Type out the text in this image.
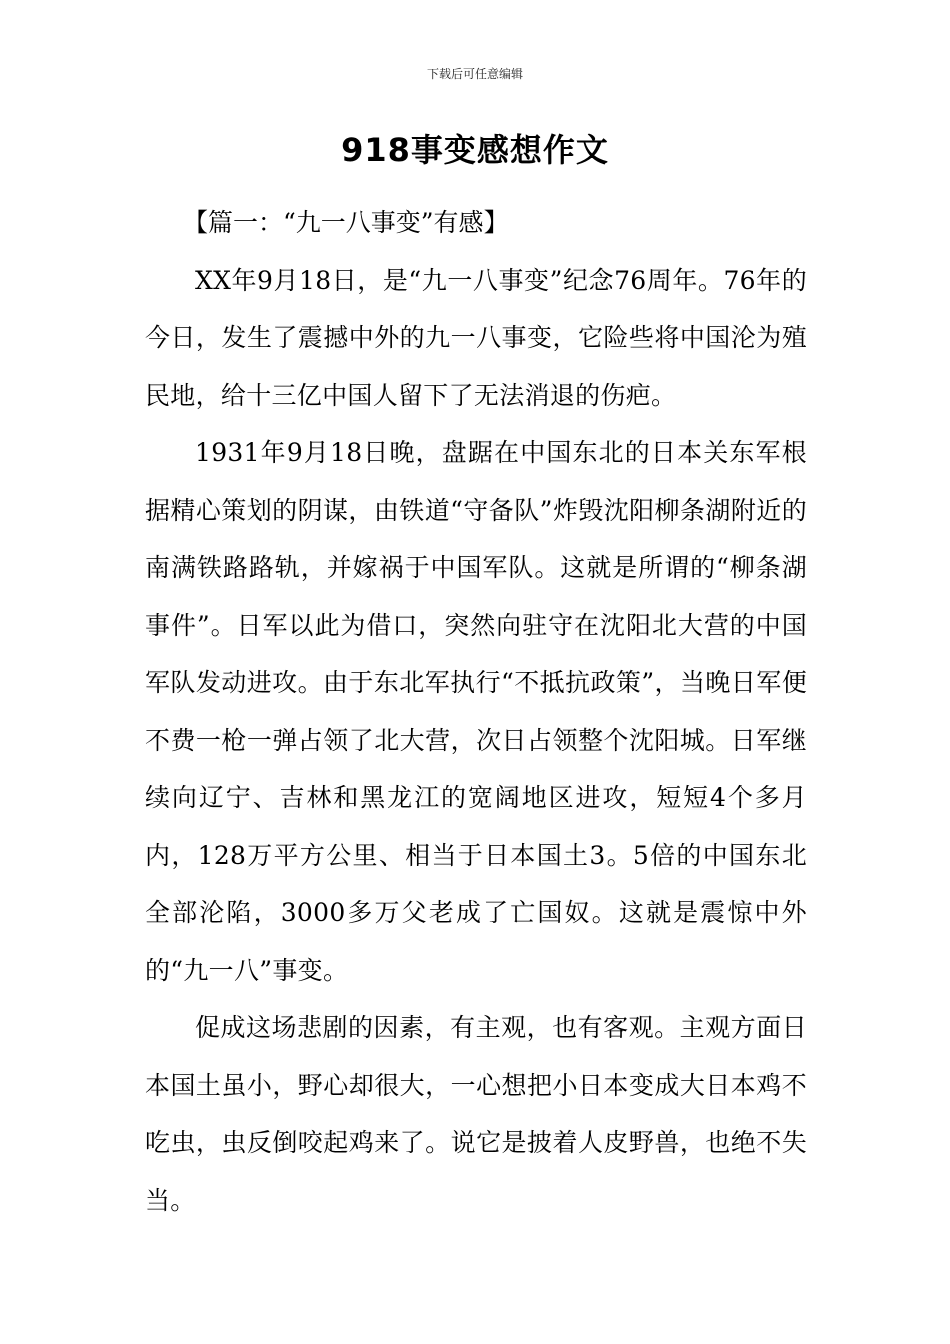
下载后可任意编辑
918事变感想作文

【篇一：“九一八事变”有感】

XX年9月18日，是“九一八事变”纪念76周年。76年的今日，发生了震撼中外的九一八事变，它险些将中国沦为殖民地，给十三亿中国人留下了无法消退的伤疤。

1931年9月18日晚，盘踞在中国东北的日本关东军根据精心策划的阴谋，由铁道“守备队”炸毁沈阳柳条湖附近的南满铁路路轨，并嫁祸于中国军队。这就是所谓的“柳条湖事件”。日军以此为借口，突然向驻守在沈阳北大营的中国军队发动进攻。由于东北军执行“不抵抗政策”，当晚日军便不费一枪一弹占领了北大营，次日占领整个沈阳城。日军继续向辽宁、吉林和黑龙江的宽阔地区进攻，短短4个多月内，128万平方公里、相当于日本国土3。5倍的中国东北全部沦陷，3000多万父老成了亡国奴。这就是震惊中外的“九一八”事变。

促成这场悲剧的因素，有主观，也有客观。主观方面日本国土虽小，野心却很大，一心想把小日本变成大日本鸡不吃虫，虫反倒咬起鸡来了。说它是披着人皮野兽，也绝不失当。
